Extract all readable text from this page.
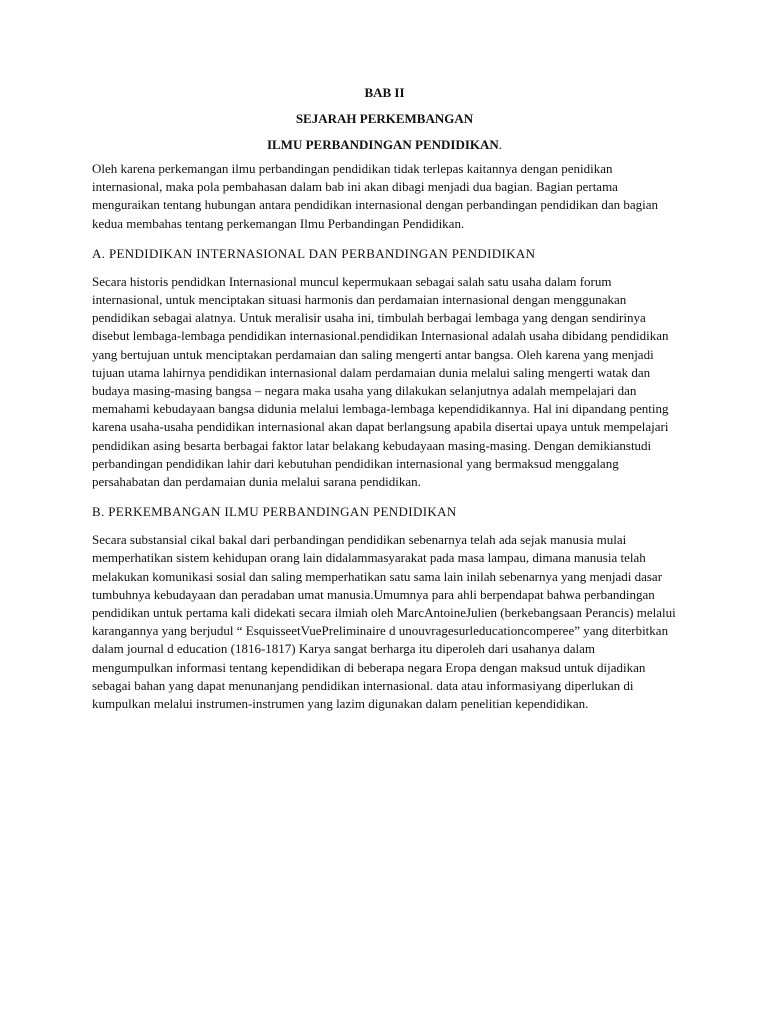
BAB II
SEJARAH PERKEMBANGAN
ILMU PERBANDINGAN PENDIDIKAN.

Oleh karena perkemangan ilmu perbandingan pendidikan tidak terlepas kaitannya dengan penidikan internasional, maka pola pembahasan dalam bab ini akan dibagi menjadi dua bagian. Bagian pertama menguraikan tentang hubungan antara pendidikan internasional dengan perbandingan pendidikan dan bagian kedua membahas tentang perkemangan Ilmu Perbandingan Pendidikan.

A. PENDIDIKAN INTERNASIONAL DAN PERBANDINGAN PENDIDIKAN

Secara historis pendidkan Internasional muncul kepermukaan sebagai salah satu usaha dalam forum internasional, untuk menciptakan situasi harmonis dan perdamaian internasional dengan menggunakan pendidikan sebagai alatnya. Untuk meralisir usaha ini, timbulah berbagai lembaga yang dengan sendirinya disebut lembaga-lembaga pendidikan internasional.pendidikan Internasional adalah usaha dibidang pendidikan yang bertujuan untuk menciptakan perdamaian dan saling mengerti antar bangsa. Oleh karena yang menjadi tujuan utama lahirnya pendidikan internasional dalam perdamaian dunia melalui saling mengerti watak dan budaya masing-masing bangsa – negara maka usaha yang dilakukan selanjutnya adalah mempelajari dan memahami kebudayaan bangsa didunia melalui lembaga-lembaga kependidikannya. Hal ini dipandang penting karena usaha-usaha pendidikan internasional akan dapat berlangsung apabila disertai upaya untuk mempelajari pendidikan asing besarta berbagai faktor latar belakang kebudayaan masing-masing. Dengan demikianstudi perbandingan pendidikan lahir dari kebutuhan pendidikan internasional yang bermaksud menggalang persahabatan dan perdamaian dunia melalui sarana pendidikan.

B. PERKEMBANGAN ILMU PERBANDINGAN PENDIDIKAN

Secara substansial cikal bakal dari perbandingan pendidikan sebenarnya telah ada sejak manusia mulai memperhatikan sistem kehidupan orang lain didalammasyarakat pada masa lampau, dimana manusia telah melakukan komunikasi sosial dan saling memperhatikan satu sama lain inilah sebenarnya yang menjadi dasar tumbuhnya kebudayaan dan peradaban umat manusia.Umumnya para ahli berpendapat bahwa perbandingan pendidikan untuk pertama kali didekati secara ilmiah oleh MarcAntoineJulien (berkebangsaan Perancis) melalui karangannya yang berjudul “ EsquisseetVuePreliminaire d unouvragesurleducationcomperee” yang diterbitkan dalam journal d education (1816-1817) Karya sangat berharga itu diperoleh dari usahanya dalam mengumpulkan informasi tentang kependidikan di beberapa negara Eropa dengan maksud untuk dijadikan sebagai bahan yang dapat menunanjang pendidikan internasional. data atau informasiyang diperlukan di kumpulkan melalui instrumen-instrumen yang lazim digunakan dalam penelitian kependidikan.
